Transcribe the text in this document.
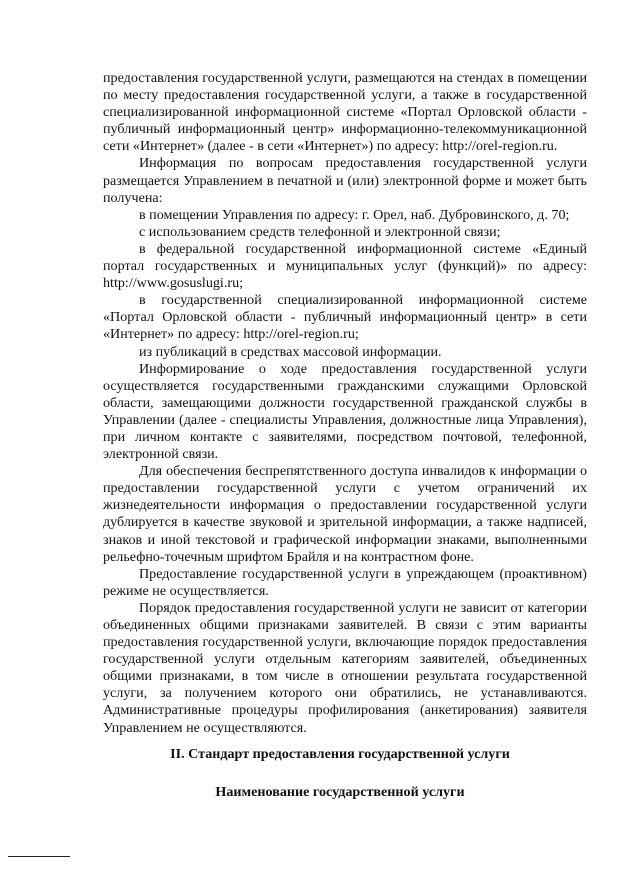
предоставления государственной услуги, размещаются на стендах в помещении по месту предоставления государственной услуги, а также в государственной специализированной информационной системе «Портал Орловской области - публичный информационный центр» информационно-телекоммуникационной сети «Интернет» (далее - в сети «Интернет») по адресу: http://orel-region.ru.

Информация по вопросам предоставления государственной услуги размещается Управлением в печатной и (или) электронной форме и может быть получена:

в помещении Управления по адресу: г. Орел, наб. Дубровинского, д. 70;

с использованием средств телефонной и электронной связи;

в федеральной государственной информационной системе «Единый портал государственных и муниципальных услуг (функций)» по адресу: http://www.gosuslugi.ru;

в государственной специализированной информационной системе «Портал Орловской области - публичный информационный центр» в сети «Интернет» по адресу: http://orel-region.ru;

из публикаций в средствах массовой информации.

Информирование о ходе предоставления государственной услуги осуществляется государственными гражданскими служащими Орловской области, замещающими должности государственной гражданской службы в Управлении (далее - специалисты Управления, должностные лица Управления), при личном контакте с заявителями, посредством почтовой, телефонной, электронной связи.

Для обеспечения беспрепятственного доступа инвалидов к информации о предоставлении государственной услуги с учетом ограничений их жизнедеятельности информация о предоставлении государственной услуги дублируется в качестве звуковой и зрительной информации, а также надписей, знаков и иной текстовой и графической информации знаками, выполненными рельефно-точечным шрифтом Брайля и на контрастном фоне.

Предоставление государственной услуги в упреждающем (проактивном) режиме не осуществляется.

Порядок предоставления государственной услуги не зависит от категории объединенных общими признаками заявителей. В связи с этим варианты предоставления государственной услуги, включающие порядок предоставления государственной услуги отдельным категориям заявителей, объединенных общими признаками, в том числе в отношении результата государственной услуги, за получением которого они обратились, не устанавливаются. Административные процедуры профилирования (анкетирования) заявителя Управлением не осуществляются.

II. Стандарт предоставления государственной услуги
Наименование государственной услуги
